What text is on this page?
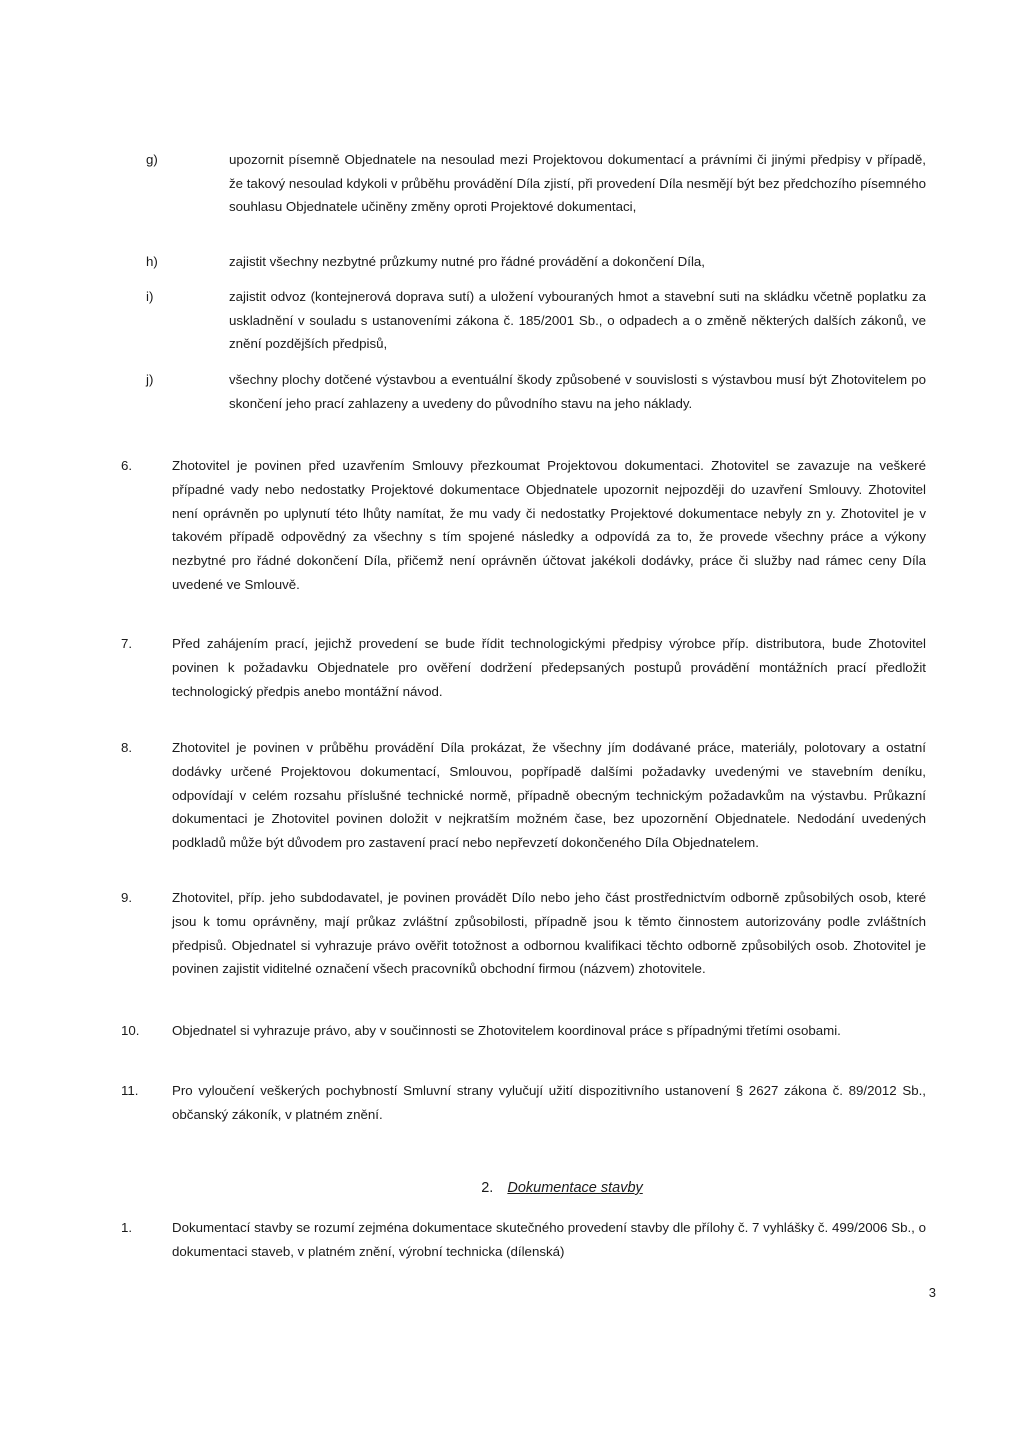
g)	upozornit písemně Objednatele na nesoulad mezi Projektovou dokumentací a právními či jinými předpisy v případě, že takový nesoulad kdykoli v průběhu provádění Díla zjistí, při provedení Díla nesmějí být bez předchozího písemného souhlasu Objednatele učiněny změny oproti Projektové dokumentaci,
h)	zajistit všechny nezbytné průzkumy nutné pro řádné provádění a dokončení Díla,
i)	zajistit odvoz (kontejnerová doprava sutí) a uložení vybouraných hmot a stavební suti na skládku včetně poplatku za uskladnění v souladu s ustanoveními zákona č. 185/2001 Sb., o odpadech a o změně některých dalších zákonů, ve znění pozdějších předpisů,
j)	všechny plochy dotčené výstavbou a eventuální škody způsobené v souvislosti s výstavbou musí být Zhotovitelem po skončení jeho prací zahlazeny a uvedeny do původního stavu na jeho náklady.
6.	Zhotovitel je povinen před uzavřením Smlouvy přezkoumat Projektovou dokumentaci. Zhotovitel se zavazuje na veškeré případné vady nebo nedostatky Projektové dokumentace Objednatele upozornit nejpozději do uzavření Smlouvy. Zhotovitel není oprávněn po uplynutí této lhůty namítat, že mu vady či nedostatky Projektové dokumentace nebyly zn y. Zhotovitel je v takovém případě odpovědný za všechny s tím spojené následky a odpovídá za to, že provede všechny práce a výkony nezbytné pro řádné dokončení Díla, přičemž není oprávněn účtovat jakékoli dodávky, práce či služby nad rámec ceny Díla uvedené ve Smlouvě.
7.	Před zahájením prací, jejichž provedení se bude řídit technologickými předpisy výrobce příp. distributora, bude Zhotovitel povinen k požadavku Objednatele pro ověření dodržení předepsaných postupů provádění montážních prací předložit technologický předpis anebo montážní návod.
8.	Zhotovitel je povinen v průběhu provádění Díla prokázat, že všechny jím dodávané práce, materiály, polotovary a ostatní dodávky určené Projektovou dokumentací, Smlouvou, popřípadě dalšími požadavky uvedenými ve stavebním deníku, odpovídají v celém rozsahu příslušné technické normě, případně obecným technickým požadavkům na výstavbu. Průkazní dokumentaci je Zhotovitel povinen doložit v nejkratším možném čase, bez upozornění Objednatele. Nedodání uvedených podkladů může být důvodem pro zastavení prací nebo nepřevzetí dokončeného Díla Objednatelem.
9.	Zhotovitel, příp. jeho subdodavatel, je povinen provádět Dílo nebo jeho část prostřednictvím odborně způsobilých osob, které jsou k tomu oprávněny, mají průkaz zvláštní způsobilosti, případně jsou k těmto činnostem autorizovány podle zvláštních předpisů. Objednatel si vyhrazuje právo ověřit totožnost a odbornou kvalifikaci těchto odborně způsobilých osob. Zhotovitel je povinen zajistit viditelné označení všech pracovníků obchodní firmou (názvem) zhotovitele.
10. Objednatel si vyhrazuje právo, aby v součinnosti se Zhotovitelem koordinoval práce s případnými třetími osobami.
11.	Pro vyloučení veškerých pochybností Smluvní strany vylučují užití dispozitivního ustanovení § 2627 zákona č. 89/2012 Sb., občanský zákoník, v platném znění.
2. Dokumentace stavby
1.	Dokumentací stavby se rozumí zejména dokumentace skutečného provedení stavby dle přílohy č. 7 vyhlášky č. 499/2006 Sb., o dokumentaci staveb, v platném znění, výrobní technicka (dílenská)
3
